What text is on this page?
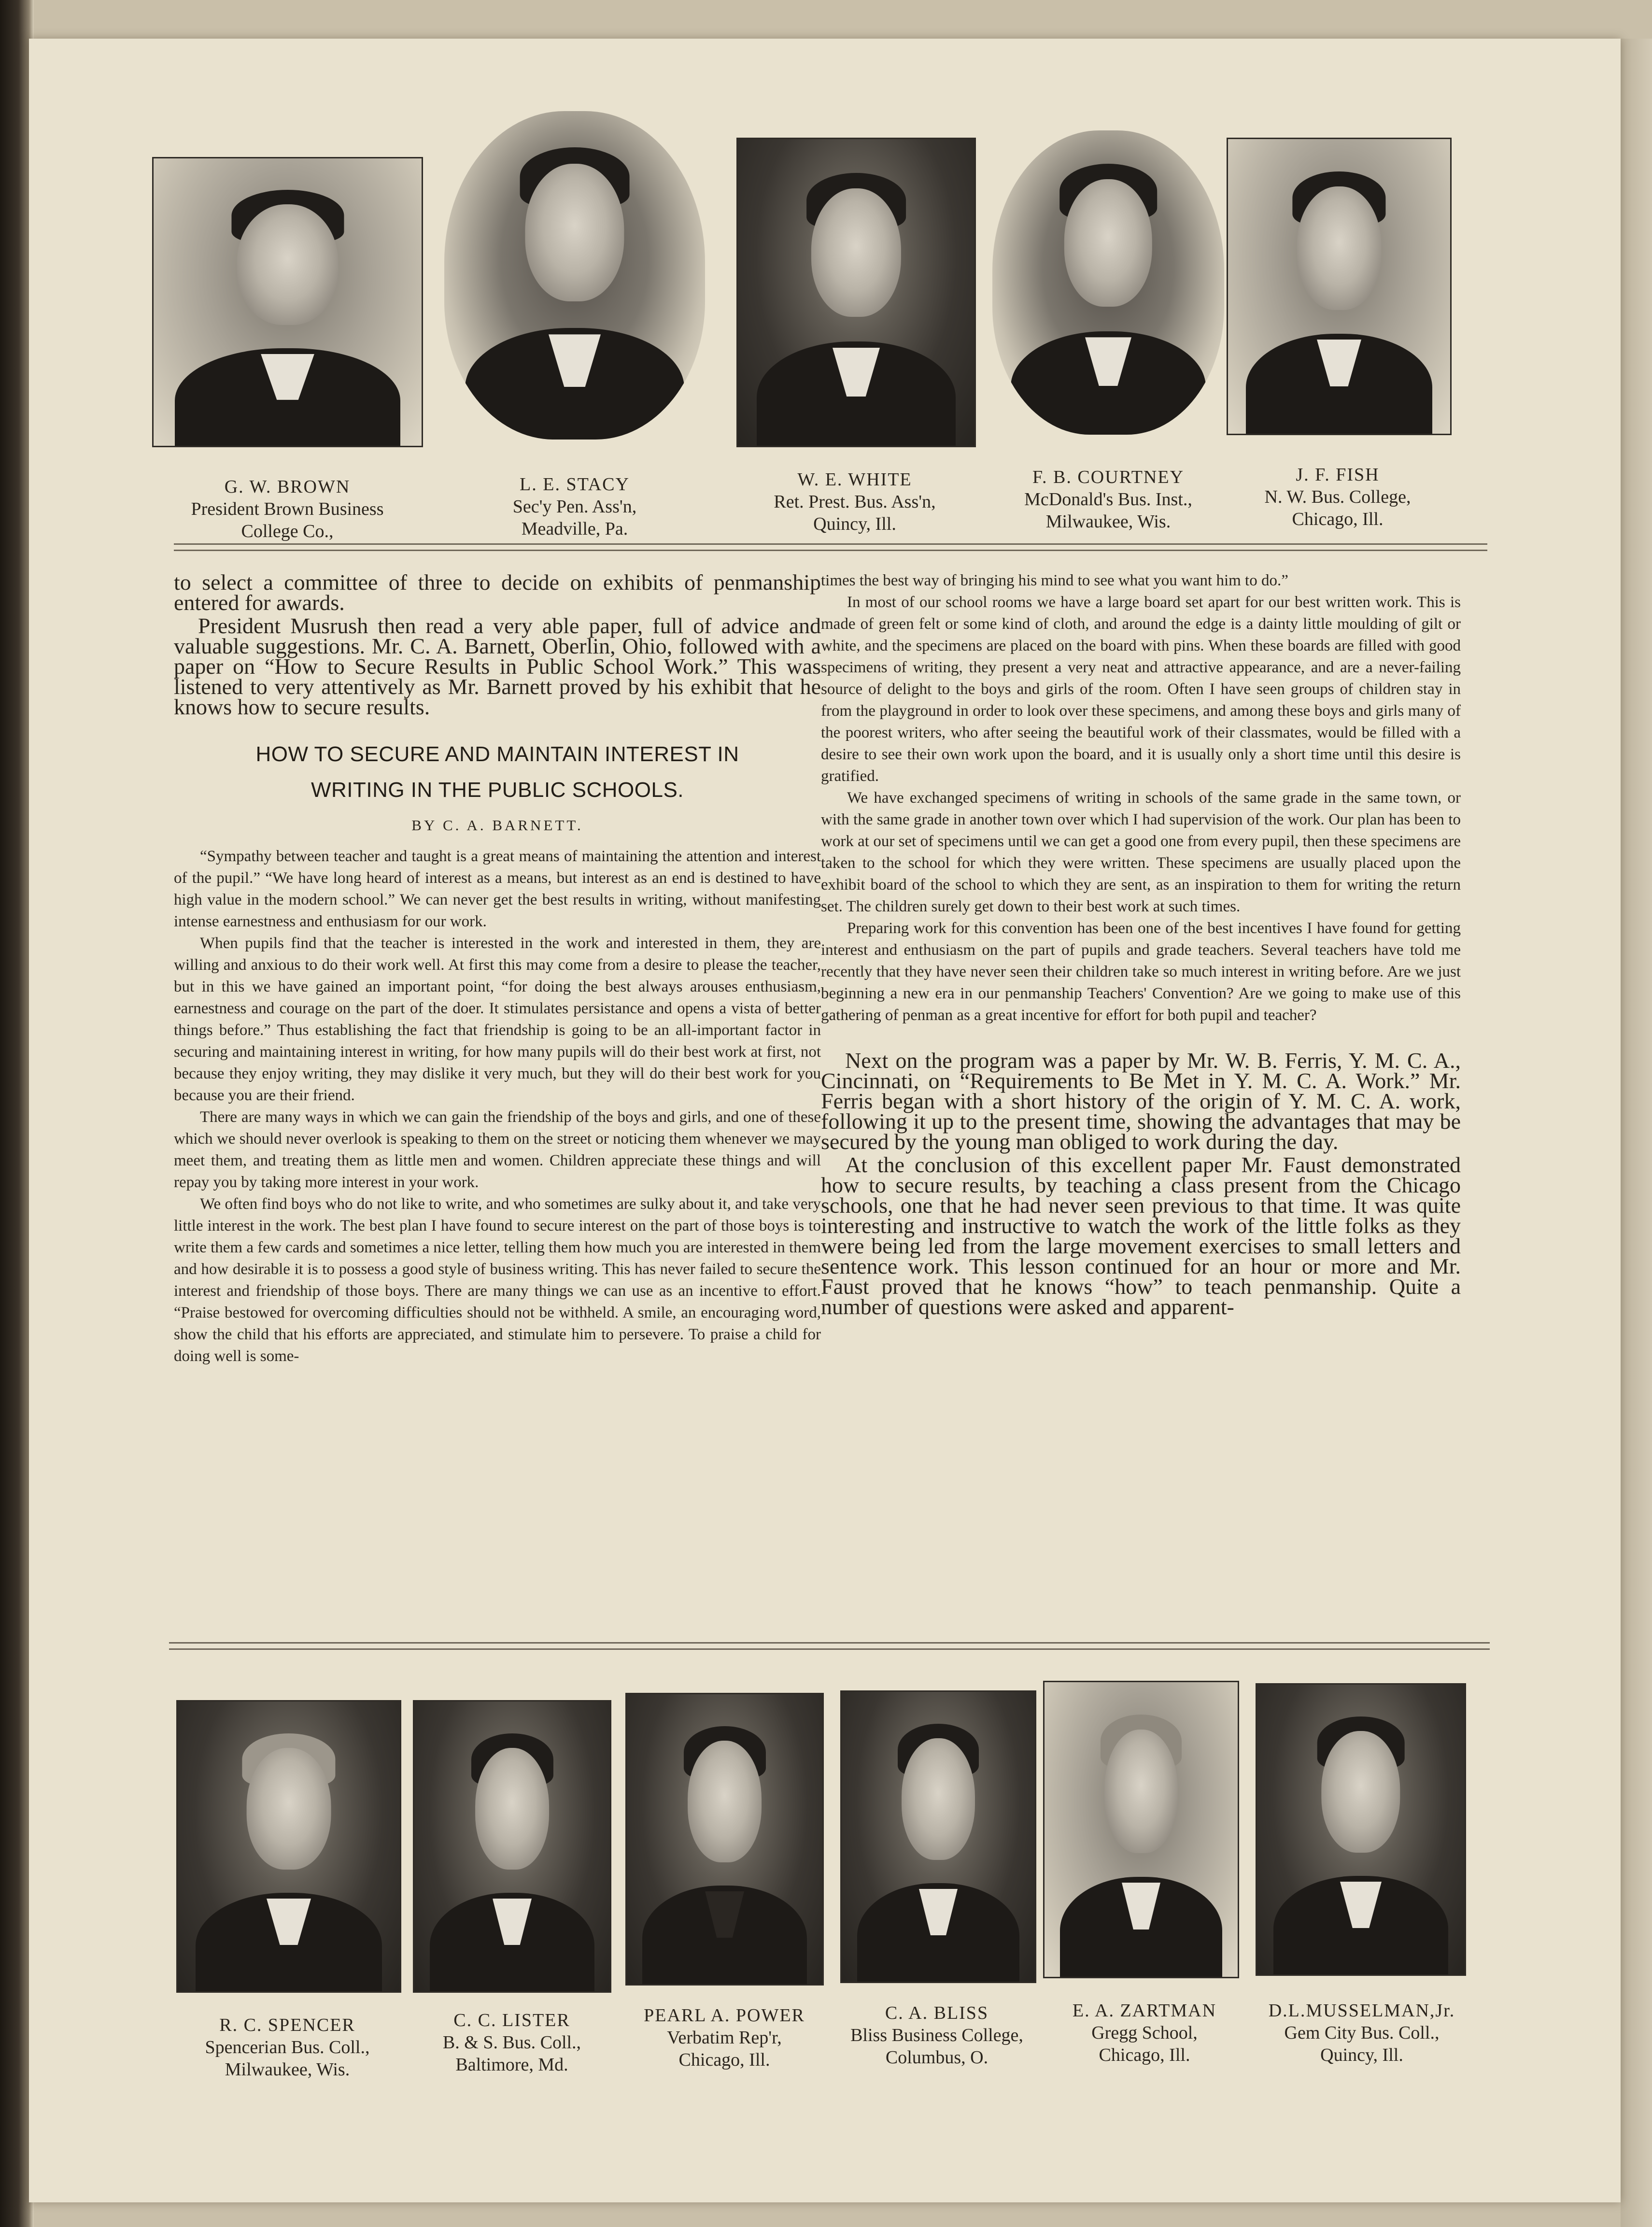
G. W. BROWN
President Brown Business
College Co.,
L. E. STACY
Sec'y Pen. Ass'n,
Meadville, Pa.
W. E. WHITE
Ret. Prest. Bus. Ass'n,
Quincy, Ill.
F. B. COURTNEY
McDonald's Bus. Inst.,
Milwaukee, Wis.
J. F. FISH
N. W. Bus. College,
Chicago, Ill.

to select a committee of three to decide on exhibits of penmanship entered for awards.

President Musrush then read a very able paper, full of advice and valuable suggestions. Mr. C. A. Barnett, Oberlin, Ohio, followed with a paper on “How to Secure Results in Public School Work.” This was listened to very attentively as Mr. Barnett proved by his exhibit that he knows how to secure results.

HOW TO SECURE AND MAINTAIN INTEREST IN
WRITING IN THE PUBLIC SCHOOLS.
BY C. A. BARNETT.

“Sympathy between teacher and taught is a great means of maintaining the attention and interest of the pupil.” “We have long heard of interest as a means, but interest as an end is destined to have high value in the modern school.” We can never get the best results in writing, without manifesting intense earnestness and enthusiasm for our work.

When pupils find that the teacher is interested in the work and interested in them, they are willing and anxious to do their work well. At first this may come from a desire to please the teacher, but in this we have gained an important point, “for doing the best always arouses enthusiasm, earnestness and courage on the part of the doer. It stimulates persistance and opens a vista of better things before.” Thus establishing the fact that friendship is going to be an all-important factor in securing and maintaining interest in writing, for how many pupils will do their best work at first, not because they enjoy writing, they may dislike it very much, but they will do their best work for you because you are their friend.

There are many ways in which we can gain the friendship of the boys and girls, and one of these which we should never overlook is speaking to them on the street or noticing them whenever we may meet them, and treating them as little men and women. Children appreciate these things and will repay you by taking more interest in your work.

We often find boys who do not like to write, and who sometimes are sulky about it, and take very little interest in the work. The best plan I have found to secure interest on the part of those boys is to write them a few cards and sometimes a nice letter, telling them how much you are interested in them and how desirable it is to possess a good style of business writing. This has never failed to secure the interest and friendship of those boys. There are many things we can use as an incentive to effort. “Praise bestowed for overcoming difficulties should not be withheld. A smile, an encouraging word, show the child that his efforts are appreciated, and stimulate him to persevere. To praise a child for doing well is some-

times the best way of bringing his mind to see what you want him to do.”

In most of our school rooms we have a large board set apart for our best written work. This is made of green felt or some kind of cloth, and around the edge is a dainty little moulding of gilt or white, and the specimens are placed on the board with pins. When these boards are filled with good specimens of writing, they present a very neat and attractive appearance, and are a never-failing source of delight to the boys and girls of the room. Often I have seen groups of children stay in from the playground in order to look over these specimens, and among these boys and girls many of the poorest writers, who after seeing the beautiful work of their classmates, would be filled with a desire to see their own work upon the board, and it is usually only a short time until this desire is gratified.

We have exchanged specimens of writing in schools of the same grade in the same town, or with the same grade in another town over which I had supervision of the work. Our plan has been to work at our set of specimens until we can get a good one from every pupil, then these specimens are taken to the school for which they were written. These specimens are usually placed upon the exhibit board of the school to which they are sent, as an inspiration to them for writing the return set. The children surely get down to their best work at such times.

Preparing work for this convention has been one of the best incentives I have found for getting interest and enthusiasm on the part of pupils and grade teachers. Several teachers have told me recently that they have never seen their children take so much interest in writing before. Are we just beginning a new era in our penmanship Teachers' Convention? Are we going to make use of this gathering of penman as a great incentive for effort for both pupil and teacher?

Next on the program was a paper by Mr. W. B. Ferris, Y. M. C. A., Cincinnati, on “Requirements to Be Met in Y. M. C. A. Work.” Mr. Ferris began with a short history of the origin of Y. M. C. A. work, following it up to the present time, showing the advantages that may be secured by the young man obliged to work during the day.

At the conclusion of this excellent paper Mr. Faust demonstrated how to secure results, by teaching a class present from the Chicago schools, one that he had never seen previous to that time. It was quite interesting and instructive to watch the work of the little folks as they were being led from the large movement exercises to small letters and sentence work. This lesson continued for an hour or more and Mr. Faust proved that he knows “how” to teach penmanship. Quite a number of questions were asked and apparent-

R. C. SPENCER
Spencerian Bus. Coll.,
Milwaukee, Wis.
C. C. LISTER
B. & S. Bus. Coll.,
Baltimore, Md.
PEARL A. POWER
Verbatim Rep'r,
Chicago, Ill.
C. A. BLISS
Bliss Business College,
Columbus, O.
E. A. ZARTMAN
Gregg School,
Chicago, Ill.
D.L.MUSSELMAN,Jr.
Gem City Bus. Coll.,
Quincy, Ill.
